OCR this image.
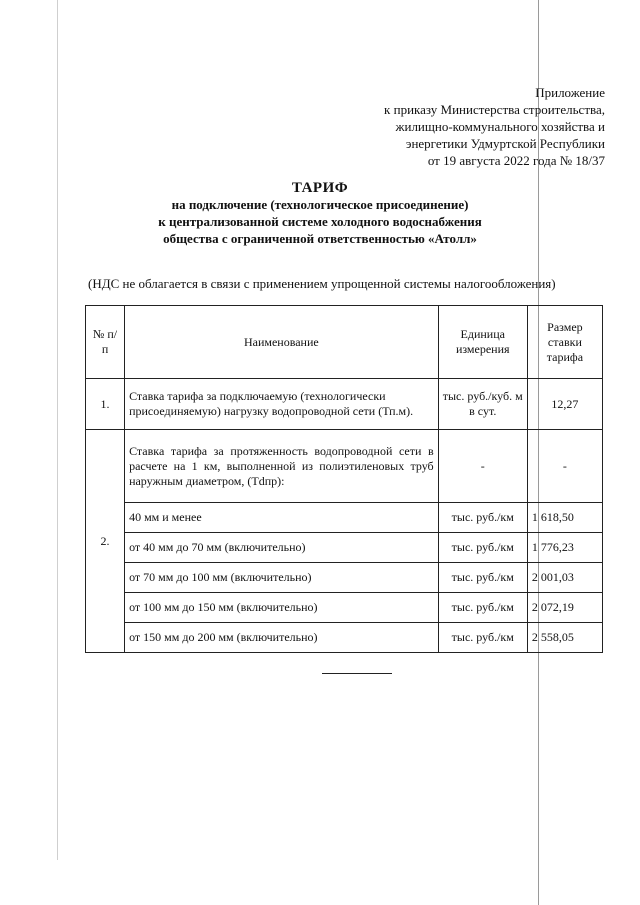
Приложение
к приказу Министерства строительства,
жилищно-коммунального хозяйства и
энергетики Удмуртской Республики
от 19 августа 2022 года № 18/37
ТАРИФ
на подключение (технологическое присоединение)
к централизованной системе холодного водоснабжения
общества с ограниченной ответственностью «Атолл»
(НДС не облагается в связи с применением упрощенной системы налогообложения)
№ п/п	Наименование	Единица измерения	Размер ставки тарифа
1.	Ставка тарифа за подключаемую (технологически присоединяемую) нагрузку водопроводной сети (Тп.м).	тыс. руб./куб. м в сут.	12,27
2.	Ставка тарифа за протяженность водопроводной сети в расчете на 1 км, выполненной из полиэтиленовых труб наружным диаметром, (Тdпр):	-	-
	40 мм и менее	тыс. руб./км	1 618,50
	от 40 мм до 70 мм (включительно)	тыс. руб./км	1 776,23
	от 70 мм до 100 мм (включительно)	тыс. руб./км	2 001,03
	от 100 мм до 150 мм (включительно)	тыс. руб./км	2 072,19
	от 150 мм до 200 мм (включительно)	тыс. руб./км	2 558,05
